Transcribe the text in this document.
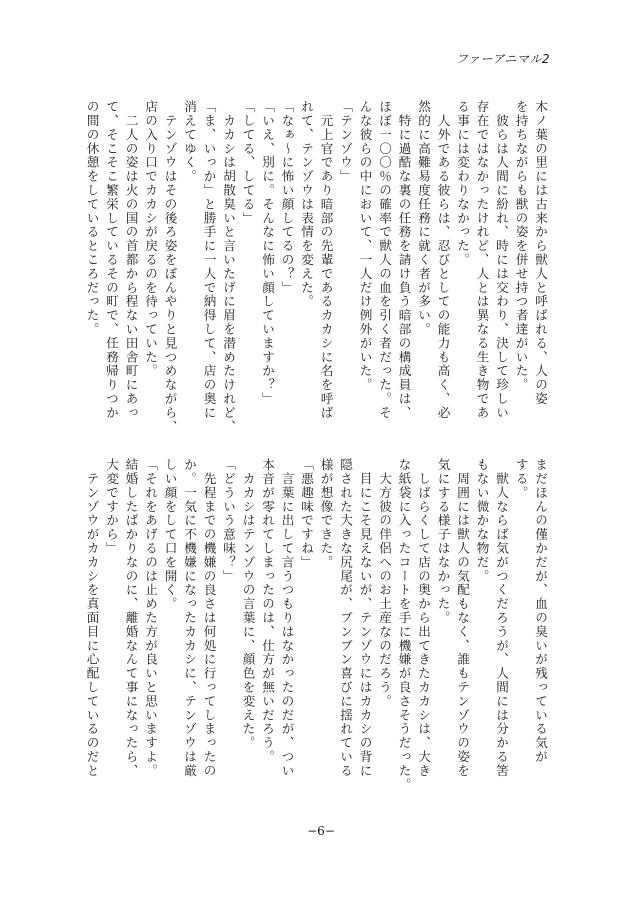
ファーアニマル2
木ノ葉の里には古来から獣人と呼ばれる、人の姿
を持ちながらも獣の姿を併せ持つ者達がいた。
　彼らは人間に紛れ、時には交わり、決して珍しい
存在ではなかったけれど、人とは異なる生き物であ
る事には変わりなかった。
　人外である彼らは、忍びとしての能力も高く、必
然的に高難易度任務に就く者が多い。
　特に過酷な裏の任務を請け負う暗部の構成員は、
ほぼ一〇〇％の確率で獣人の血を引く者だった。そ
んな彼らの中において、一人だけ例外がいた。
「テンゾウ」
　元上官であり暗部の先輩であるカカシに名を呼ば
れて、テンゾウは表情を変えた。
「なぁ〜に怖い顔してるの？」
「いえ、別に。そんなに怖い顔していますか？」
「してる、してる」
　カカシは胡散臭いと言いたげに眉を潜めたけれど、
「ま、いっか」と勝手に一人で納得して、店の奥に
消えてゆく。
　テンゾウはその後ろ姿をぼんやりと見つめながら、
店の入り口でカカシが戻るのを待っていた。
　二人の姿は火の国の首都から程ない田舎町にあっ
て、そこそこ繁栄しているその町で、任務帰りつか
の間の休憩をしているところだった。
まだほんの僅かだが、血の臭いが残っている気が
する。
　獣人ならば気がつくだろうが、人間には分かる筈
もない微かな物だ。
　周囲には獣人の気配もなく、誰もテンゾウの姿を
気にする様子はなかった。
　しばらくして店の奥から出てきたカカシは、大き
な紙袋に入ったコートを手に機嫌が良さそうだった。
　大方彼の伴侶へのお土産なのだろう。
　目にこそ見えないが、テンゾウにはカカシの背に
隠された大きな尻尾が、ブンブン喜びに揺れている
様が想像できた。
「悪趣味ですね」
　言葉に出して言うつもりはなかったのだが、つい
本音が零れてしまったのは、仕方が無いだろう。
　カカシはテンゾウの言葉に、顔色を変えた。
「どういう意味？」
　先程までの機嫌の良さは何処に行ってしまったの
か。一気に不機嫌になったカカシに、テンゾウは厳
しい顔をして口を開く。
「それをあげるのは止めた方が良いと思いますよ。
結婚したばかりなのに、離婚なんて事になったら、
大変ですから」
　テンゾウがカカシを真面目に心配しているのだと
−6−
